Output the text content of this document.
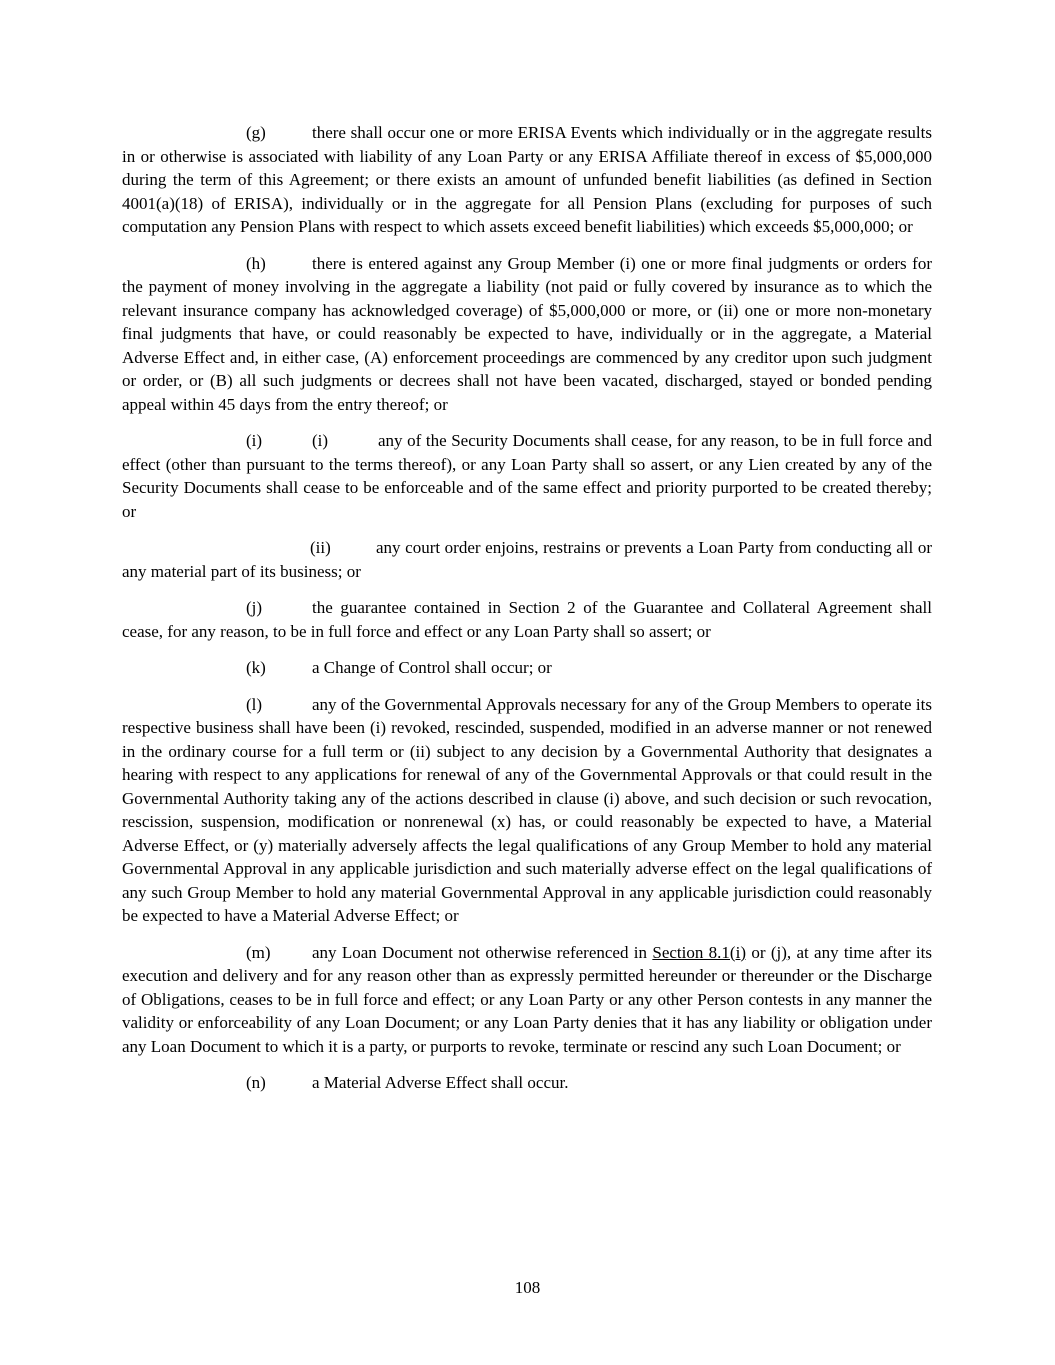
(g)	there shall occur one or more ERISA Events which individually or in the aggregate results in or otherwise is associated with liability of any Loan Party or any ERISA Affiliate thereof in excess of $5,000,000 during the term of this Agreement; or there exists an amount of unfunded benefit liabilities (as defined in Section 4001(a)(18) of ERISA), individually or in the aggregate for all Pension Plans (excluding for purposes of such computation any Pension Plans with respect to which assets exceed benefit liabilities) which exceeds $5,000,000; or

(h)	there is entered against any Group Member (i) one or more final judgments or orders for the payment of money involving in the aggregate a liability (not paid or fully covered by insurance as to which the relevant insurance company has acknowledged coverage) of $5,000,000 or more, or (ii) one or more non-monetary final judgments that have, or could reasonably be expected to have, individually or in the aggregate, a Material Adverse Effect and, in either case, (A) enforcement proceedings are commenced by any creditor upon such judgment or order, or (B) all such judgments or decrees shall not have been vacated, discharged, stayed or bonded pending appeal within 45 days from the entry thereof; or

(i)	(i)	any of the Security Documents shall cease, for any reason, to be in full force and effect (other than pursuant to the terms thereof), or any Loan Party shall so assert, or any Lien created by any of the Security Documents shall cease to be enforceable and of the same effect and priority purported to be created thereby; or

(ii)	any court order enjoins, restrains or prevents a Loan Party from conducting all or any material part of its business; or

(j)	the guarantee contained in Section 2 of the Guarantee and Collateral Agreement shall cease, for any reason, to be in full force and effect or any Loan Party shall so assert; or

(k)	a Change of Control shall occur; or

(l)	any of the Governmental Approvals necessary for any of the Group Members to operate its respective business shall have been (i) revoked, rescinded, suspended, modified in an adverse manner or not renewed in the ordinary course for a full term or (ii) subject to any decision by a Governmental Authority that designates a hearing with respect to any applications for renewal of any of the Governmental Approvals or that could result in the Governmental Authority taking any of the actions described in clause (i) above, and such decision or such revocation, rescission, suspension, modification or nonrenewal (x) has, or could reasonably be expected to have, a Material Adverse Effect, or (y) materially adversely affects the legal qualifications of any Group Member to hold any material Governmental Approval in any applicable jurisdiction and such materially adverse effect on the legal qualifications of any such Group Member to hold any material Governmental Approval in any applicable jurisdiction could reasonably be expected to have a Material Adverse Effect; or

(m) any Loan Document not otherwise referenced in Section 8.1(i) or (j), at any time after its execution and delivery and for any reason other than as expressly permitted hereunder or thereunder or the Discharge of Obligations, ceases to be in full force and effect; or any Loan Party or any other Person contests in any manner the validity or enforceability of any Loan Document; or any Loan Party denies that it has any liability or obligation under any Loan Document to which it is a party, or purports to revoke, terminate or rescind any such Loan Document; or

(n)	a Material Adverse Effect shall occur.

108
